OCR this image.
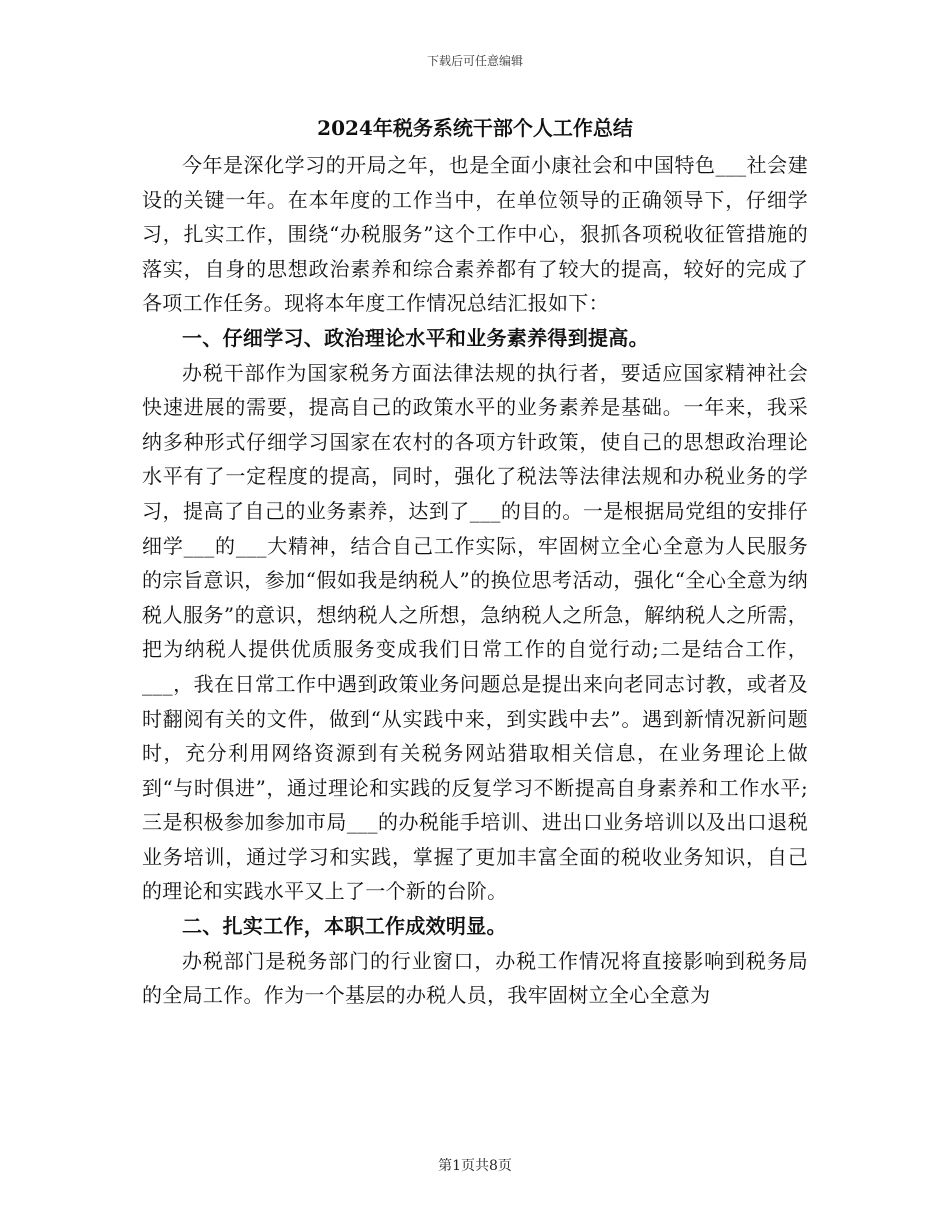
下载后可任意编辑
2024年税务系统干部个人工作总结

今年是深化学习的开局之年，也是全面小康社会和中国特色___社会建设的关键一年。在本年度的工作当中，在单位领导的正确领导下，仔细学习，扎实工作，围绕“办税服务”这个工作中心，狠抓各项税收征管措施的落实，自身的思想政治素养和综合素养都有了较大的提高，较好的完成了各项工作任务。现将本年度工作情况总结汇报如下：

一、仔细学习、政治理论水平和业务素养得到提高。

办税干部作为国家税务方面法律法规的执行者，要适应国家精神社会快速进展的需要，提高自己的政策水平的业务素养是基础。一年来，我采纳多种形式仔细学习国家在农村的各项方针政策，使自己的思想政治理论水平有了一定程度的提高，同时，强化了税法等法律法规和办税业务的学习，提高了自己的业务素养，达到了___的目的。一是根据局党组的安排仔细学___的___大精神，结合自己工作实际，牢固树立全心全意为人民服务的宗旨意识，参加“假如我是纳税人”的换位思考活动，强化“全心全意为纳税人服务”的意识，想纳税人之所想，急纳税人之所急，解纳税人之所需，把为纳税人提供优质服务变成我们日常工作的自觉行动;二是结合工作，___，我在日常工作中遇到政策业务问题总是提出来向老同志讨教，或者及时翻阅有关的文件，做到“从实践中来，到实践中去”。遇到新情况新问题时，充分利用网络资源到有关税务网站猎取相关信息，在业务理论上做到“与时俱进”，通过理论和实践的反复学习不断提高自身素养和工作水平;三是积极参加参加市局___的办税能手培训、进出口业务培训以及出口退税业务培训，通过学习和实践，掌握了更加丰富全面的税收业务知识，自己的理论和实践水平又上了一个新的台阶。

二、扎实工作，本职工作成效明显。

办税部门是税务部门的行业窗口，办税工作情况将直接影响到税务局的全局工作。作为一个基层的办税人员，我牢固树立全心全意为

第1页共8页
